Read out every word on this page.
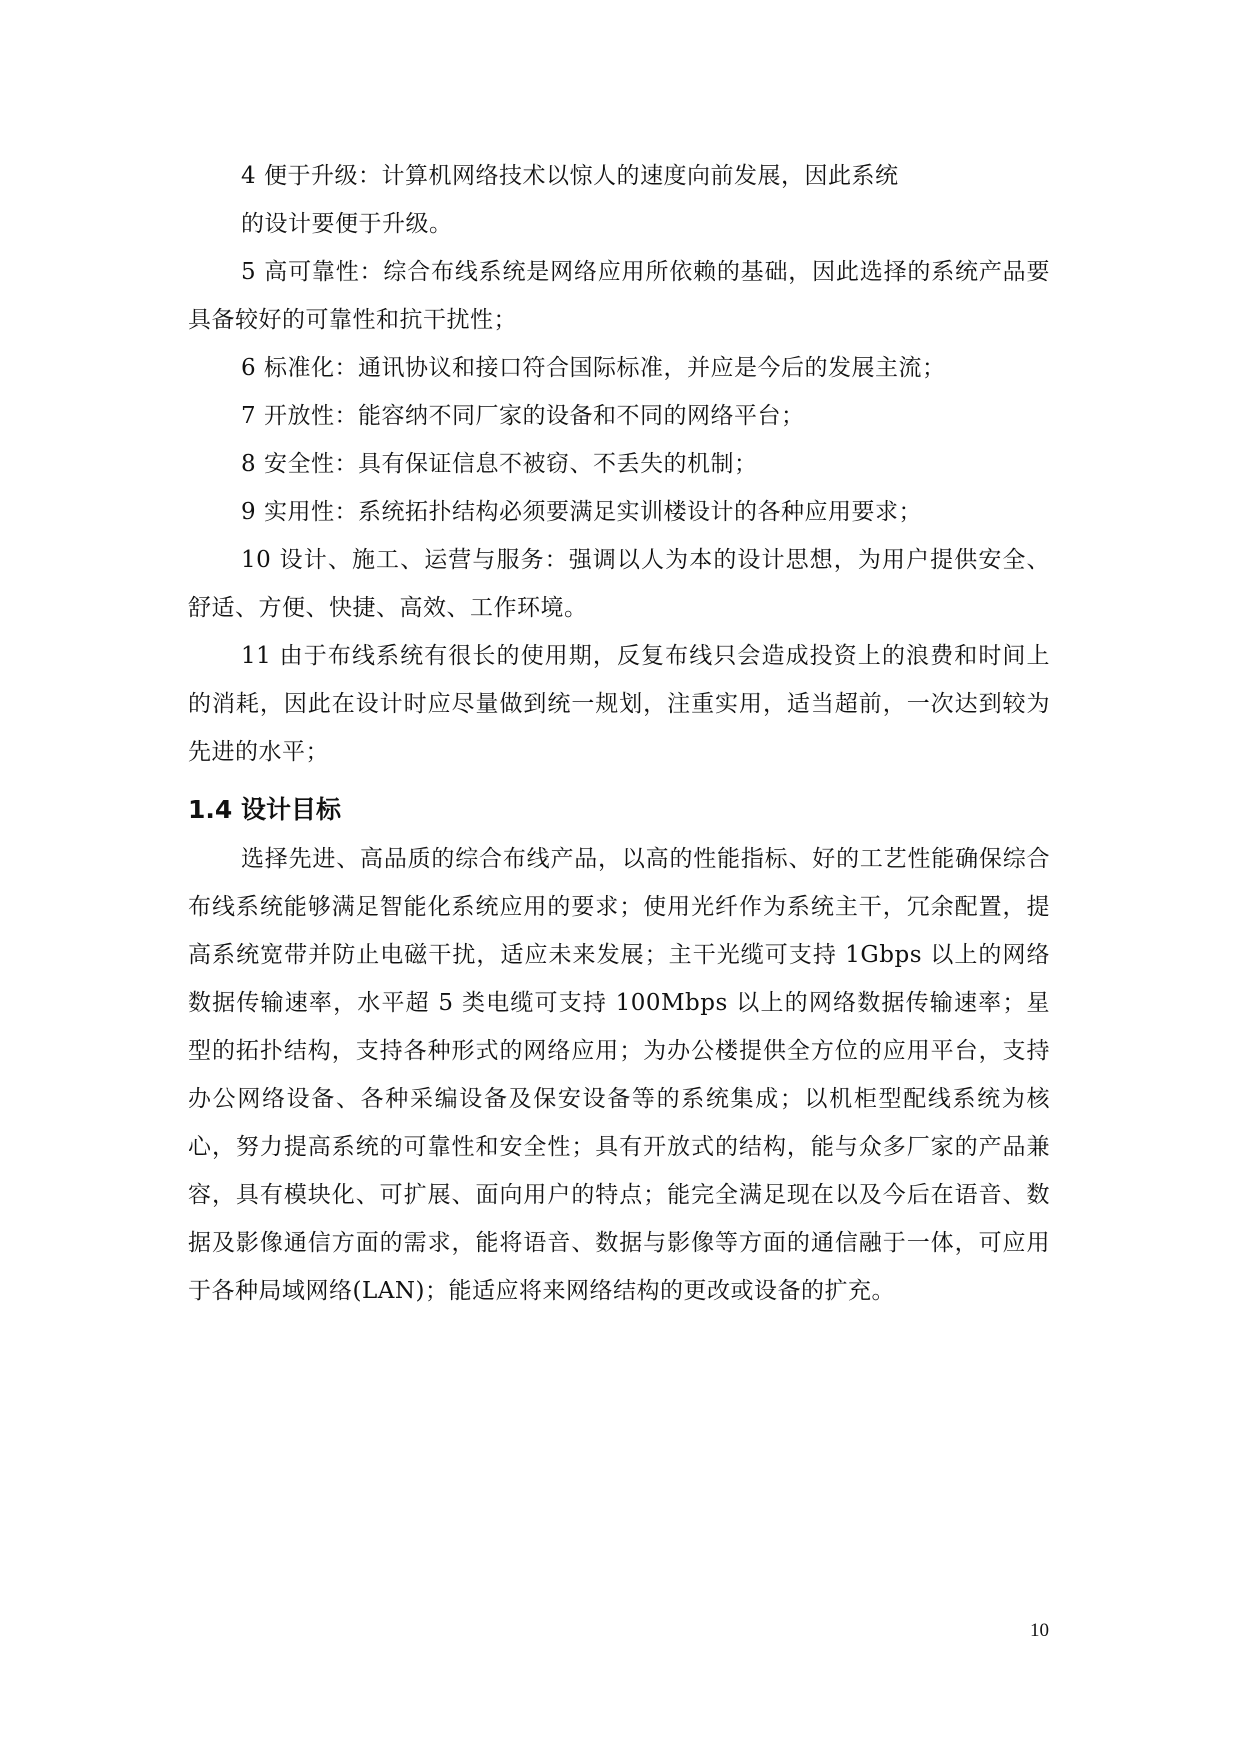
4 便于升级：计算机网络技术以惊人的速度向前发展，因此系统

的设计要便于升级。

5 高可靠性：综合布线系统是网络应用所依赖的基础，因此选择的系统产品要具备较好的可靠性和抗干扰性；

6 标准化：通讯协议和接口符合国际标准，并应是今后的发展主流；

7 开放性：能容纳不同厂家的设备和不同的网络平台；

8 安全性：具有保证信息不被窃、不丢失的机制；

9 实用性：系统拓扑结构必须要满足实训楼设计的各种应用要求；

10 设计、施工、运营与服务：强调以人为本的设计思想，为用户提供安全、舒适、方便、快捷、高效、工作环境。

11 由于布线系统有很长的使用期，反复布线只会造成投资上的浪费和时间上的消耗，因此在设计时应尽量做到统一规划，注重实用，适当超前，一次达到较为先进的水平；

1.4 设计目标

选择先进、高品质的综合布线产品，以高的性能指标、好的工艺性能确保综合布线系统能够满足智能化系统应用的要求；使用光纤作为系统主干，冗余配置，提高系统宽带并防止电磁干扰，适应未来发展；主干光缆可支持 1Gbps 以上的网络数据传输速率，水平超 5 类电缆可支持 100Mbps 以上的网络数据传输速率；星型的拓扑结构，支持各种形式的网络应用；为办公楼提供全方位的应用平台，支持办公网络设备、各种采编设备及保安设备等的系统集成；以机柜型配线系统为核心，努力提高系统的可靠性和安全性；具有开放式的结构，能与众多厂家的产品兼容，具有模块化、可扩展、面向用户的特点；能完全满足现在以及今后在语音、数据及影像通信方面的需求，能将语音、数据与影像等方面的通信融于一体，可应用于各种局域网络(LAN)；能适应将来网络结构的更改或设备的扩充。

10
